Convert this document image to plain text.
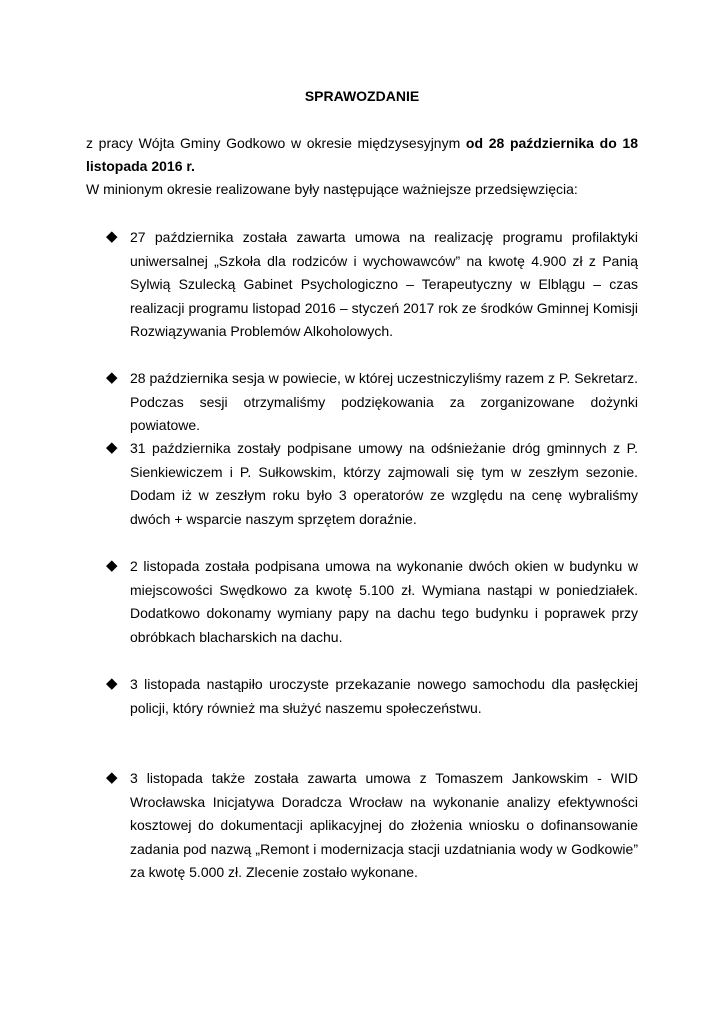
SPRAWOZDANIE

z pracy Wójta Gminy Godkowo w okresie międzysesyjnym od 28 października do 18 listopada 2016 r.

W minionym okresie realizowane były następujące ważniejsze przedsięwzięcia:

◆ 27 października została zawarta umowa na realizację programu profilaktyki uniwersalnej „Szkoła dla rodziców i wychowawców” na kwotę 4.900 zł z Panią Sylwią Szulecką Gabinet Psychologiczno – Terapeutyczny w Elblągu – czas realizacji programu listopad 2016 – styczeń 2017 rok ze środków Gminnej Komisji Rozwiązywania Problemów Alkoholowych.

◆ 28 października sesja w powiecie, w której uczestniczyliśmy razem z P. Sekretarz. Podczas sesji otrzymaliśmy podziękowania za zorganizowane dożynki powiatowe.

◆ 31 października zostały podpisane umowy na odśnieżanie dróg gminnych z P. Sienkiewiczem i P. Sułkowskim, którzy zajmowali się tym w zeszłym sezonie. Dodam iż w zeszłym roku było 3 operatorów ze względu na cenę wybraliśmy dwóch + wsparcie naszym sprzętem doraźnie.

◆ 2 listopada została podpisana umowa na wykonanie dwóch okien w budynku w miejscowości Swędkowo za kwotę 5.100 zł. Wymiana nastąpi w poniedziałek. Dodatkowo dokonamy wymiany papy na dachu tego budynku i poprawek przy obróbkach blacharskich na dachu.

◆ 3 listopada nastąpiło uroczyste przekazanie nowego samochodu dla pasłęckiej policji, który również ma służyć naszemu społeczeństwu.

◆ 3 listopada także została zawarta umowa z Tomaszem Jankowskim - WID Wrocławska Inicjatywa Doradcza Wrocław na wykonanie analizy efektywności kosztowej do dokumentacji aplikacyjnej do złożenia wniosku o dofinansowanie zadania pod nazwą „Remont i modernizacja stacji uzdatniania wody w Godkowie” za kwotę 5.000 zł. Zlecenie zostało wykonane.
